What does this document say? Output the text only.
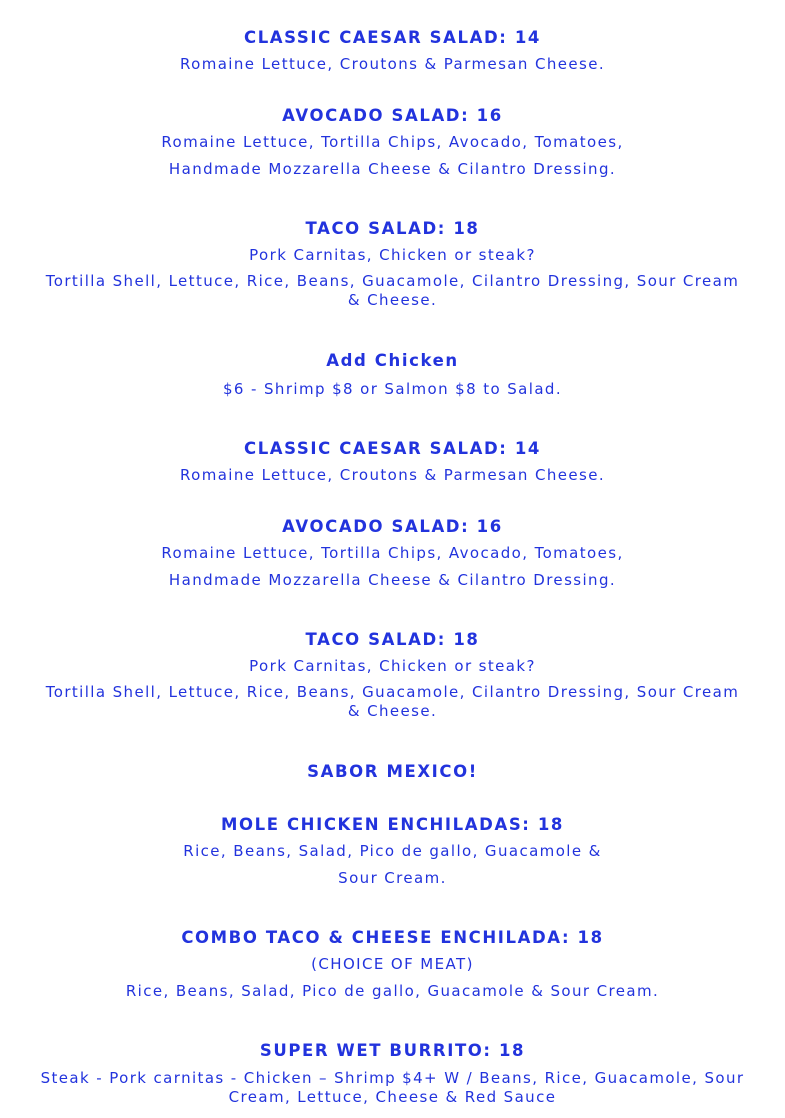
CLASSIC CAESAR SALAD: 14
Romaine Lettuce, Croutons & Parmesan Cheese.
AVOCADO SALAD: 16
Romaine Lettuce, Tortilla Chips, Avocado, Tomatoes,
Handmade Mozzarella Cheese & Cilantro Dressing.
TACO SALAD: 18
Pork Carnitas, Chicken or steak?
Tortilla Shell, Lettuce, Rice, Beans, Guacamole, Cilantro Dressing, Sour Cream & Cheese.
Add Chicken
$6 - Shrimp $8 or Salmon $8 to Salad.
CLASSIC CAESAR SALAD: 14
Romaine Lettuce, Croutons & Parmesan Cheese.
AVOCADO SALAD: 16
Romaine Lettuce, Tortilla Chips, Avocado, Tomatoes,
Handmade Mozzarella Cheese & Cilantro Dressing.
TACO SALAD: 18
Pork Carnitas, Chicken or steak?
Tortilla Shell, Lettuce, Rice, Beans, Guacamole, Cilantro Dressing, Sour Cream & Cheese.
SABOR MEXICO!
MOLE CHICKEN ENCHILADAS: 18
Rice, Beans, Salad, Pico de gallo, Guacamole &
Sour Cream.
COMBO TACO & CHEESE ENCHILADA: 18
(CHOICE OF MEAT)
Rice, Beans, Salad, Pico de gallo, Guacamole & Sour Cream.
SUPER WET BURRITO: 18
Steak - Pork carnitas - Chicken – Shrimp $4+ W / Beans, Rice, Guacamole, Sour Cream, Lettuce, Cheese & Red Sauce
